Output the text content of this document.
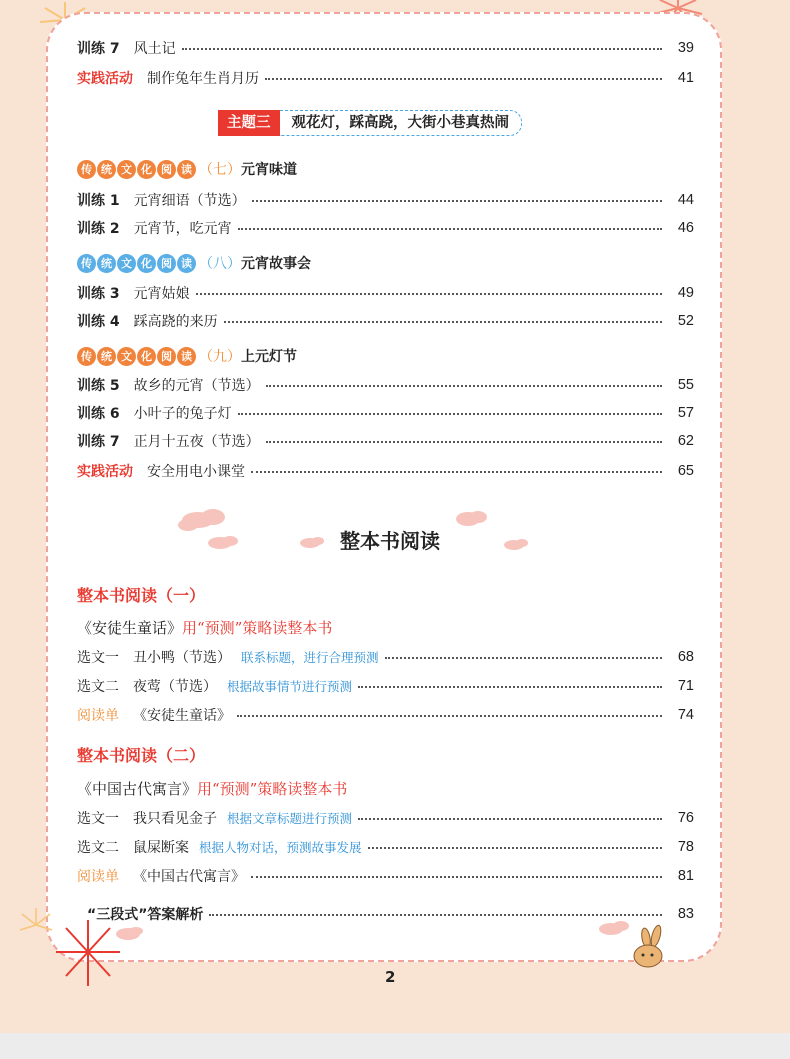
训练 7 风土记	39
实践活动 制作兔年生肖月历	41
主题三	观花灯，踩高跷，大街小巷真热闹
传 统 文 化 阅 读 （七） 元宵味道
训练 1 元宵细语（节选）	44
训练 2 元宵节，吃元宵	46
传 统 文 化 阅 读 （八） 元宵故事会
训练 3 元宵姑娘	49
训练 4 踩高跷的来历	52
传 统 文 化 阅 读 （九） 上元灯节
训练 5 故乡的元宵（节选）	55
训练 6 小叶子的兔子灯	57
训练 7 正月十五夜（节选）	62
实践活动 安全用电小课堂	65
整本书阅读
整本书阅读（一）
《安徒生童话》用“预测”策略读整本书
选文一 丑小鸭（节选） 联系标题，进行合理预测	68
选文二 夜莺（节选） 根据故事情节进行预测	71
阅读单 《安徒生童话》	74
整本书阅读（二）
《中国古代寓言》用“预测”策略读整本书
选文一 我只看见金子 根据文章标题进行预测	76
选文二 鼠屎断案 根据人物对话，预测故事发展	78
阅读单 《中国古代寓言》	81
“三段式”答案解析	83
2
